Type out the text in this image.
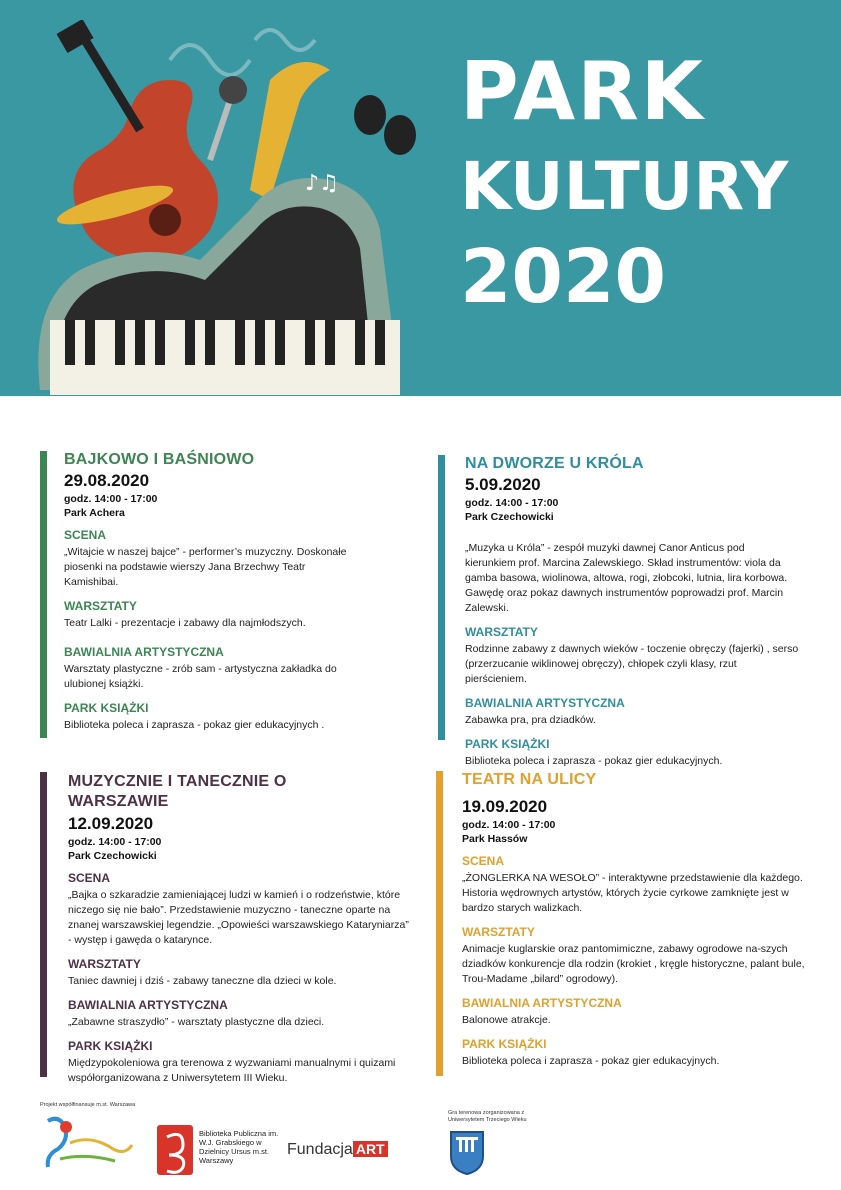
♪♫
PARK
KULTURY
2020
BAJKOWO I BAŚNIOWO
29.08.2020
godz. 14:00 - 17:00
Park Achera
SCENA
„Witajcie w naszej bajce” - performer’s muzyczny. Doskonałe piosenki na podstawie wierszy Jana Brzechwy Teatr Kamishibai.
WARSZTATY
Teatr Lalki - prezentacje i zabawy dla najmłodszych.
BAWIALNIA ARTYSTYCZNA
Warsztaty plastyczne - zrób sam - artystyczna zakładka do ulubionej książki.
PARK KSIĄŻKI
Biblioteka poleca i zaprasza - pokaz gier edukacyjnych .
NA DWORZE U KRÓLA
5.09.2020
godz. 14:00 - 17:00
Park Czechowicki
„Muzyka u Króla” - zespół muzyki dawnej Canor Anticus pod kierunkiem prof. Marcina Zalewskiego. Skład instrumentów: viola da gamba basowa, wiolinowa, altowa, rogi, złobcoki, lutnia, lira korbowa. Gawędę oraz pokaz dawnych instrumentów poprowadzi prof. Marcin Zalewski.
WARSZTATY
Rodzinne zabawy z dawnych wieków - toczenie obręczy (fajerki) , serso (przerzucanie wiklinowej obręczy), chłopek czyli klasy, rzut pierścieniem.
BAWIALNIA ARTYSTYCZNA
Zabawka pra, pra dziadków.
PARK KSIĄŻKI
Biblioteka poleca i zaprasza - pokaz gier edukacyjnych.
MUZYCZNIE I TANECZNIE O WARSZAWIE
12.09.2020
godz. 14:00 - 17:00
Park Czechowicki
SCENA
„Bajka o szkaradzie zamieniającej ludzi w kamień i o rodzeństwie, które niczego się nie bało”. Przedstawienie muzyczno - taneczne oparte na znanej warszawskiej legendzie. „Opowieści warszawskiego Kataryniarza” - występ i gawęda o katarynce.
WARSZTATY
Taniec dawniej i dziś - zabawy taneczne dla dzieci w kole.
BAWIALNIA ARTYSTYCZNA
„Zabawne straszydło” - warsztaty plastyczne dla dzieci.
PARK KSIĄŻKI
Międzypokoleniowa gra terenowa z wyzwaniami manualnymi i quizami współorganizowana z Uniwersytetem III Wieku.
TEATR NA ULICY
19.09.2020
godz. 14:00 - 17:00
Park Hassów
SCENA
„ŻONGLERKA NA WESOŁO” - interaktywne przedstawienie dla każdego. Historia wędrownych artystów, których życie cyrkowe zamknięte jest w bardzo starych walizkach.
WARSZTATY
Animacje kuglarskie oraz pantomimiczne, zabawy ogrodowe na-szych dziadków konkurencje dla rodzin (krokiet , kręgle historyczne, palant bule, Trou-Madame „bilard” ogrodowy).
BAWIALNIA ARTYSTYCZNA
Balonowe atrakcje.
PARK KSIĄŻKI
Biblioteka poleca i zaprasza - pokaz gier edukacyjnych.
Projekt współfinansuje m.st. Warszawa
Biblioteka Publiczna im. W.J. Grabskiego w Dzielnicy Ursus m.st. Warszawy
Fundacja ART
Gra terenowa zorganizowana z Uniwersytetem Trzeciego Wieku
